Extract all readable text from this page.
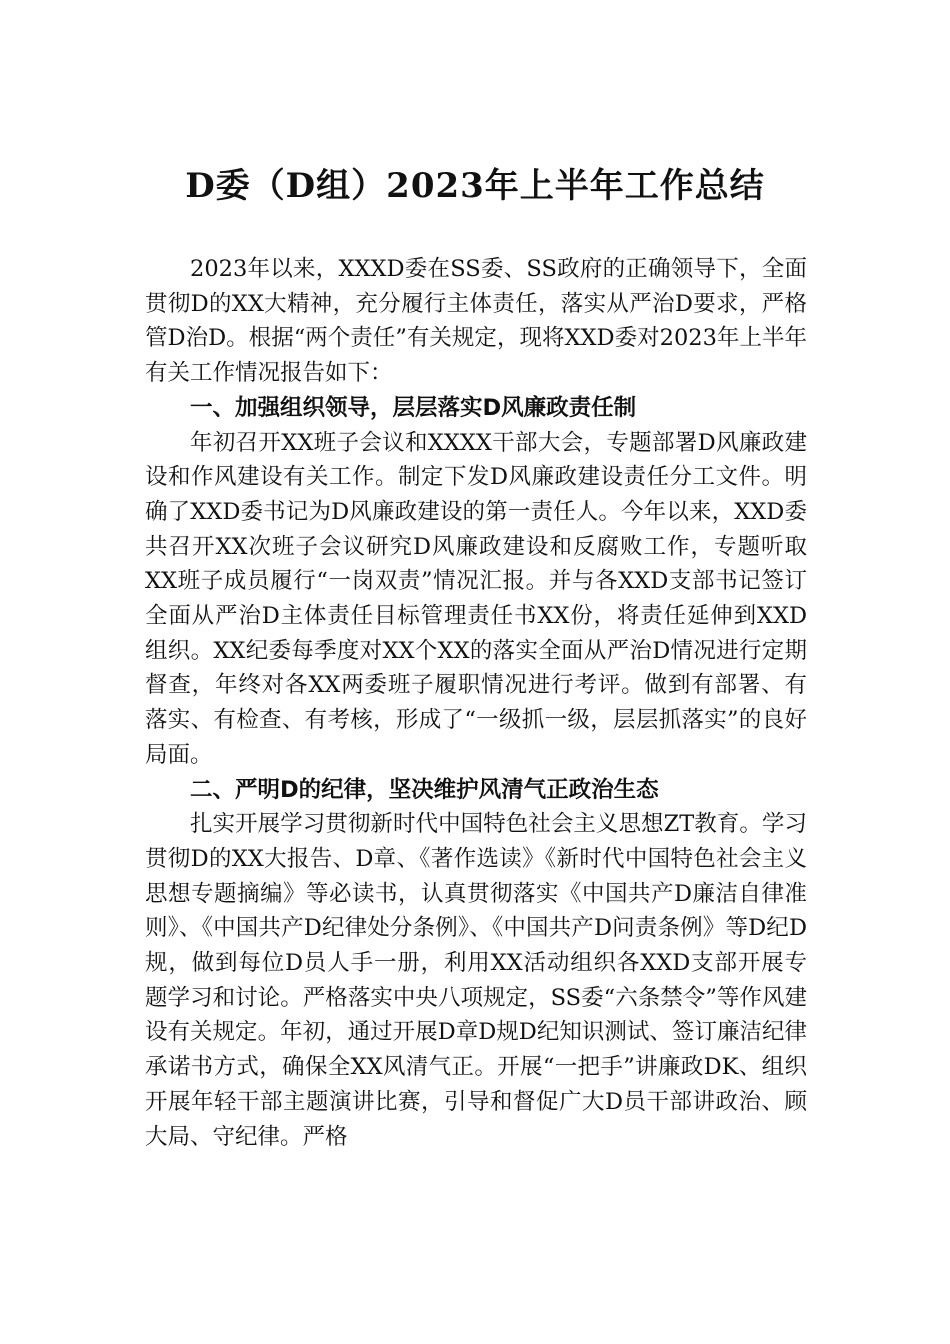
D委（D组）2023年上半年工作总结

2023年以来，XXXD委在SS委、SS政府的正确领导下，全面贯彻D的XX大精神，充分履行主体责任，落实从严治D要求，严格管D治D。根据“两个责任”有关规定，现将XXD委对2023年上半年有关工作情况报告如下：

一、加强组织领导，层层落实D风廉政责任制

年初召开XX班子会议和XXXX干部大会，专题部署D风廉政建设和作风建设有关工作。制定下发D风廉政建设责任分工文件。明确了XXD委书记为D风廉政建设的第一责任人。今年以来，XXD委共召开XX次班子会议研究D风廉政建设和反腐败工作，专题听取XX班子成员履行“一岗双责”情况汇报。并与各XXD支部书记签订全面从严治D主体责任目标管理责任书XX份，将责任延伸到XXD组织。XX纪委每季度对XX个XX的落实全面从严治D情况进行定期督查，年终对各XX两委班子履职情况进行考评。做到有部署、有落实、有检查、有考核，形成了“一级抓一级，层层抓落实”的良好局面。

二、严明D的纪律，坚决维护风清气正政治生态

扎实开展学习贯彻新时代中国特色社会主义思想ZT教育。学习贯彻D的XX大报告、D章、《著作选读》《新时代中国特色社会主义思想专题摘编》等必读书，认真贯彻落实《中国共产D廉洁自律准则》、《中国共产D纪律处分条例》、《中国共产D问责条例》等D纪D规，做到每位D员人手一册，利用XX活动组织各XXD支部开展专题学习和讨论。严格落实中央八项规定，SS委“六条禁令”等作风建设有关规定。年初，通过开展D章D规D纪知识测试、签订廉洁纪律承诺书方式，确保全XX风清气正。开展“一把手”讲廉政DK、组织开展年轻干部主题演讲比赛，引导和督促广大D员干部讲政治、顾大局、守纪律。严格
